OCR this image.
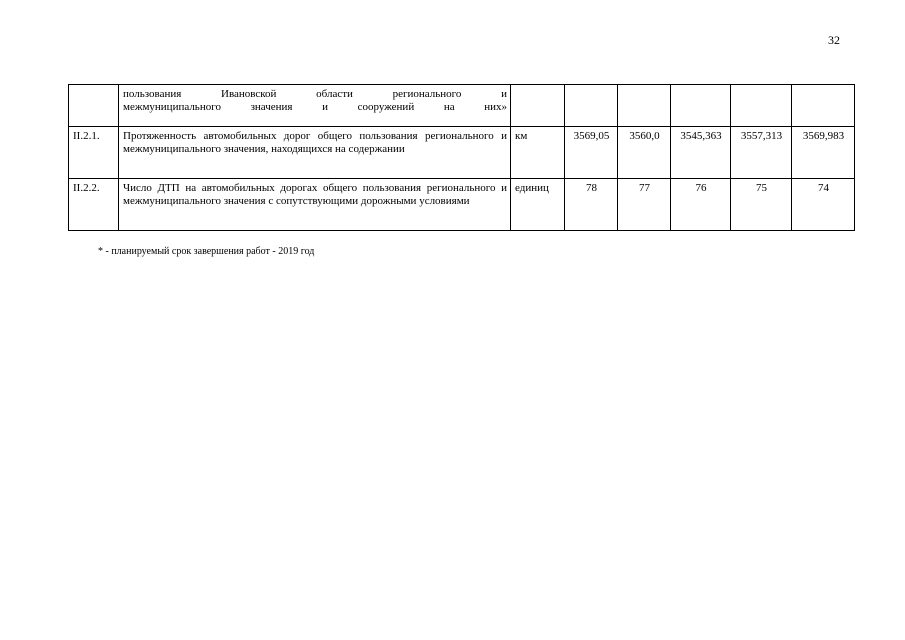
32
	пользования Ивановской области регионального и
межмуниципального значения и сооружений на них»						

II.2.1.	Протяженность автомобильных дорог общего пользования регионального и межмуниципального значения, находящихся на содержании	км	3569,05	3560,0	3545,363	3557,313	3569,983
II.2.2.	Число ДТП на автомобильных дорогах общего пользования регионального и межмуниципального значения с сопутствующими дорожными условиями	единиц	78	77	76	75	74
* - планируемый срок завершения работ - 2019 год
